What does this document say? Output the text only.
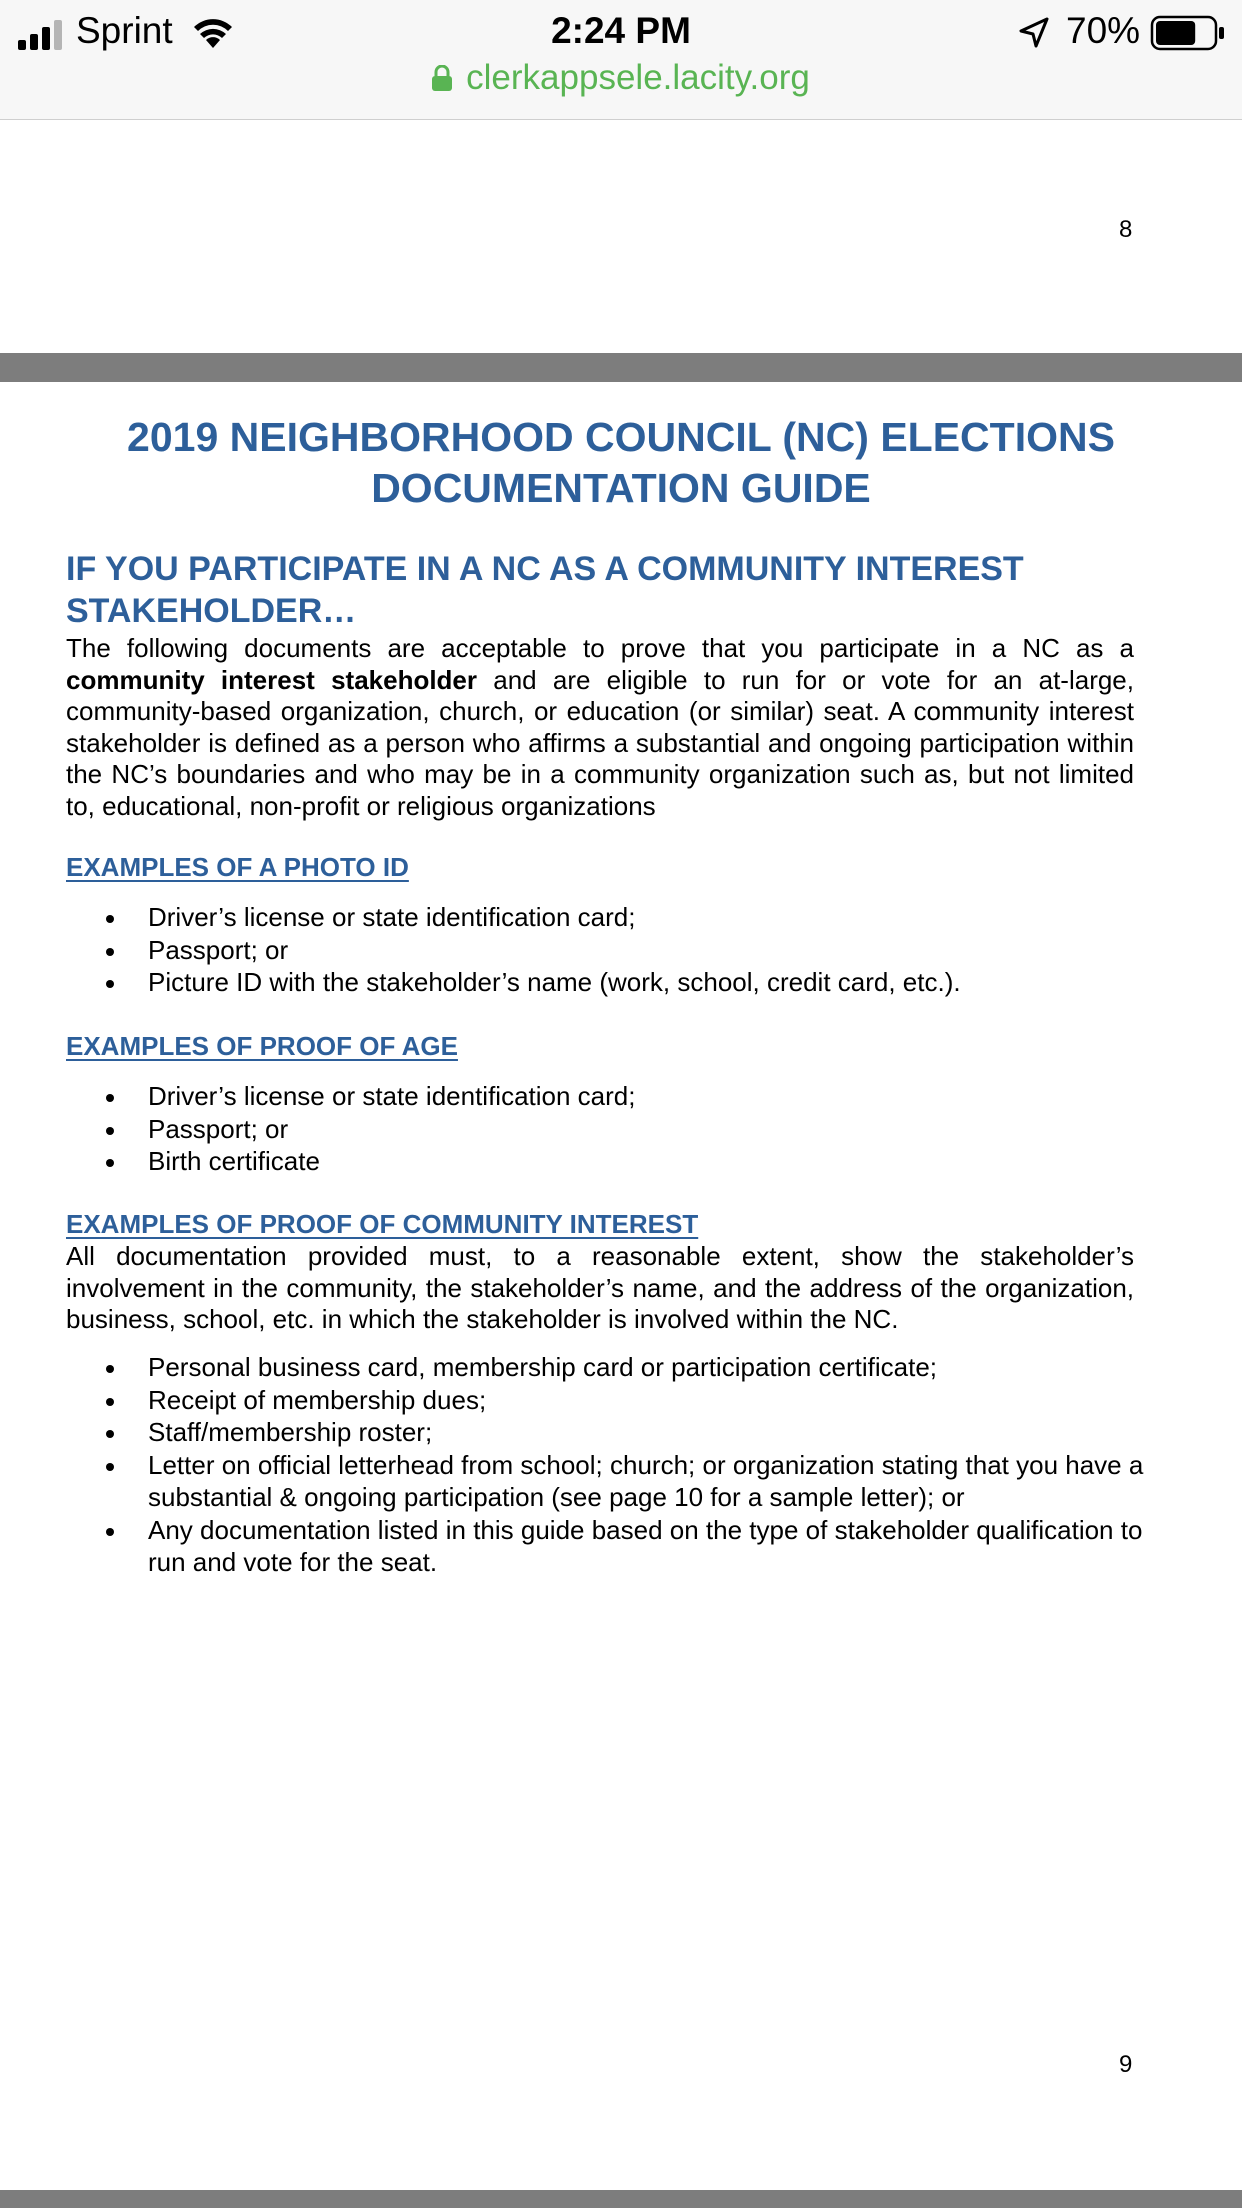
Sprint	2:24 PM	70%
clerkappsele.lacity.org
8
2019 NEIGHBORHOOD COUNCIL (NC) ELECTIONS
DOCUMENTATION GUIDE
IF YOU PARTICIPATE IN A NC AS A COMMUNITY INTEREST STAKEHOLDER…
The following documents are acceptable to prove that you participate in a NC as a community interest stakeholder and are eligible to run for or vote for an at-large, community-based organization, church, or education (or similar) seat. A community interest stakeholder is defined as a person who affirms a substantial and ongoing participation within the NC’s boundaries and who may be in a community organization such as, but not limited to, educational, non-profit or religious organizations
EXAMPLES OF A PHOTO ID
Driver’s license or state identification card;
Passport; or
Picture ID with the stakeholder’s name (work, school, credit card, etc.).
EXAMPLES OF PROOF OF AGE
Driver’s license or state identification card;
Passport; or
Birth certificate
EXAMPLES OF PROOF OF COMMUNITY INTEREST
All documentation provided must, to a reasonable extent, show the stakeholder’s involvement in the community, the stakeholder’s name, and the address of the organization, business, school, etc. in which the stakeholder is involved within the NC.
Personal business card, membership card or participation certificate;
Receipt of membership dues;
Staff/membership roster;
Letter on official letterhead from school; church; or organization stating that you have a substantial & ongoing participation (see page 10 for a sample letter); or
Any documentation listed in this guide based on the type of stakeholder qualification to run and vote for the seat.
9
